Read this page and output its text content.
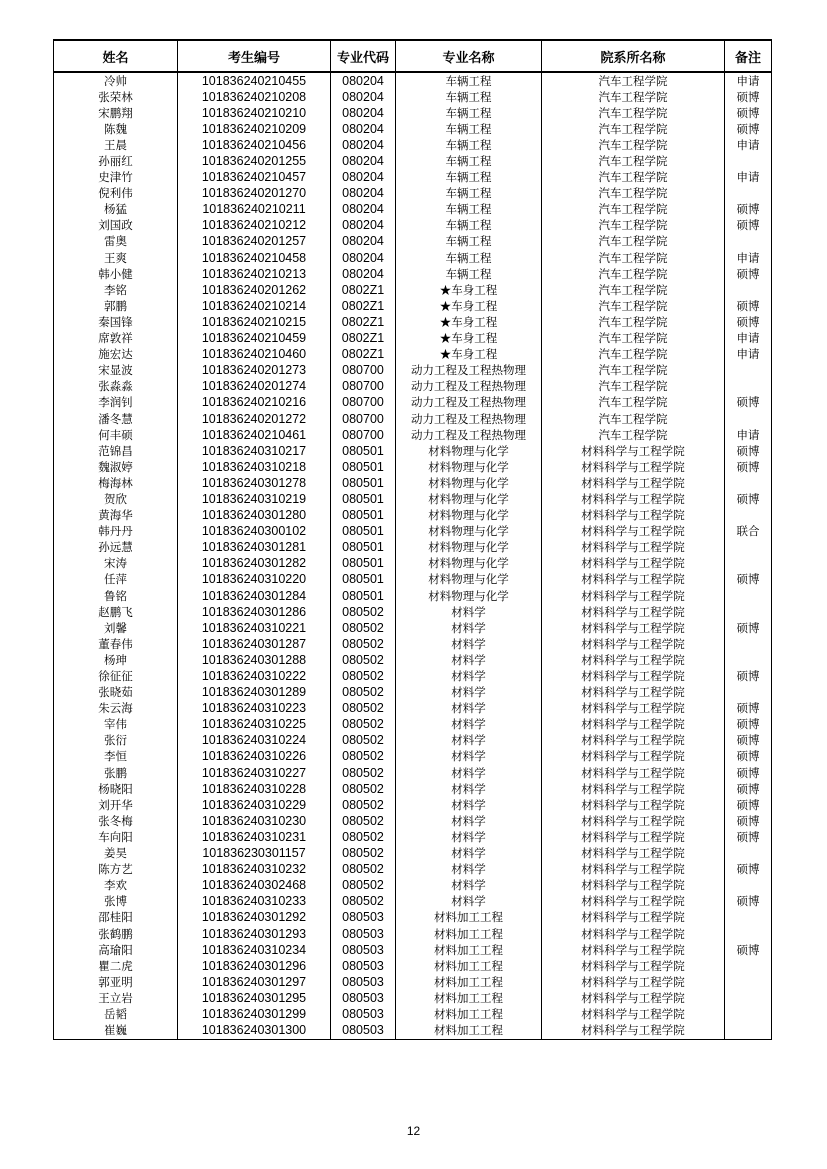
姓名	考生编号	专业代码	专业名称	院系所名称	备注
冷帅	101836240210455	080204	车辆工程	汽车工程学院	申请
张荣林	101836240210208	080204	车辆工程	汽车工程学院	硕博
宋鹏翔	101836240210210	080204	车辆工程	汽车工程学院	硕博
陈魏	101836240210209	080204	车辆工程	汽车工程学院	硕博
王晨	101836240210456	080204	车辆工程	汽车工程学院	申请
孙丽红	101836240201255	080204	车辆工程	汽车工程学院	
史津竹	101836240210457	080204	车辆工程	汽车工程学院	申请
倪利伟	101836240201270	080204	车辆工程	汽车工程学院	
杨猛	101836240210211	080204	车辆工程	汽车工程学院	硕博
刘国政	101836240210212	080204	车辆工程	汽车工程学院	硕博
雷奥	101836240201257	080204	车辆工程	汽车工程学院	
王爽	101836240210458	080204	车辆工程	汽车工程学院	申请
韩小健	101836240210213	080204	车辆工程	汽车工程学院	硕博
李铭	101836240201262	0802Z1	★车身工程	汽车工程学院	
郭鹏	101836240210214	0802Z1	★车身工程	汽车工程学院	硕博
秦国锋	101836240210215	0802Z1	★车身工程	汽车工程学院	硕博
席敦祥	101836240210459	0802Z1	★车身工程	汽车工程学院	申请
施宏达	101836240210460	0802Z1	★车身工程	汽车工程学院	申请
宋显波	101836240201273	080700	动力工程及工程热物理	汽车工程学院	
张淼淼	101836240201274	080700	动力工程及工程热物理	汽车工程学院	
李润钊	101836240210216	080700	动力工程及工程热物理	汽车工程学院	硕博
潘冬慧	101836240201272	080700	动力工程及工程热物理	汽车工程学院	
何丰硕	101836240210461	080700	动力工程及工程热物理	汽车工程学院	申请
范锦昌	101836240310217	080501	材料物理与化学	材料科学与工程学院	硕博
魏淑婷	101836240310218	080501	材料物理与化学	材料科学与工程学院	硕博
梅海林	101836240301278	080501	材料物理与化学	材料科学与工程学院	
贺欣	101836240310219	080501	材料物理与化学	材料科学与工程学院	硕博
黄海华	101836240301280	080501	材料物理与化学	材料科学与工程学院	
韩丹丹	101836240300102	080501	材料物理与化学	材料科学与工程学院	联合
孙远慧	101836240301281	080501	材料物理与化学	材料科学与工程学院	
宋涛	101836240301282	080501	材料物理与化学	材料科学与工程学院	
任萍	101836240310220	080501	材料物理与化学	材料科学与工程学院	硕博
鲁铭	101836240301284	080501	材料物理与化学	材料科学与工程学院	
赵鹏飞	101836240301286	080502	材料学	材料科学与工程学院	
刘馨	101836240310221	080502	材料学	材料科学与工程学院	硕博
董春伟	101836240301287	080502	材料学	材料科学与工程学院	
杨珅	101836240301288	080502	材料学	材料科学与工程学院	
徐征征	101836240310222	080502	材料学	材料科学与工程学院	硕博
张晓茹	101836240301289	080502	材料学	材料科学与工程学院	
朱云海	101836240310223	080502	材料学	材料科学与工程学院	硕博
宰伟	101836240310225	080502	材料学	材料科学与工程学院	硕博
张衍	101836240310224	080502	材料学	材料科学与工程学院	硕博
李恒	101836240310226	080502	材料学	材料科学与工程学院	硕博
张鹏	101836240310227	080502	材料学	材料科学与工程学院	硕博
杨晓阳	101836240310228	080502	材料学	材料科学与工程学院	硕博
刘开华	101836240310229	080502	材料学	材料科学与工程学院	硕博
张冬梅	101836240310230	080502	材料学	材料科学与工程学院	硕博
车向阳	101836240310231	080502	材料学	材料科学与工程学院	硕博
姜昊	101836230301157	080502	材料学	材料科学与工程学院	
陈方艺	101836240310232	080502	材料学	材料科学与工程学院	硕博
李欢	101836240302468	080502	材料学	材料科学与工程学院	
张博	101836240310233	080502	材料学	材料科学与工程学院	硕博
邵桂阳	101836240301292	080503	材料加工工程	材料科学与工程学院	
张鹤鹏	101836240301293	080503	材料加工工程	材料科学与工程学院	
高瑜阳	101836240310234	080503	材料加工工程	材料科学与工程学院	硕博
瞿二虎	101836240301296	080503	材料加工工程	材料科学与工程学院	
郭亚明	101836240301297	080503	材料加工工程	材料科学与工程学院	
王立岩	101836240301295	080503	材料加工工程	材料科学与工程学院	
岳韬	101836240301299	080503	材料加工工程	材料科学与工程学院	
崔巍	101836240301300	080503	材料加工工程	材料科学与工程学院	
12
